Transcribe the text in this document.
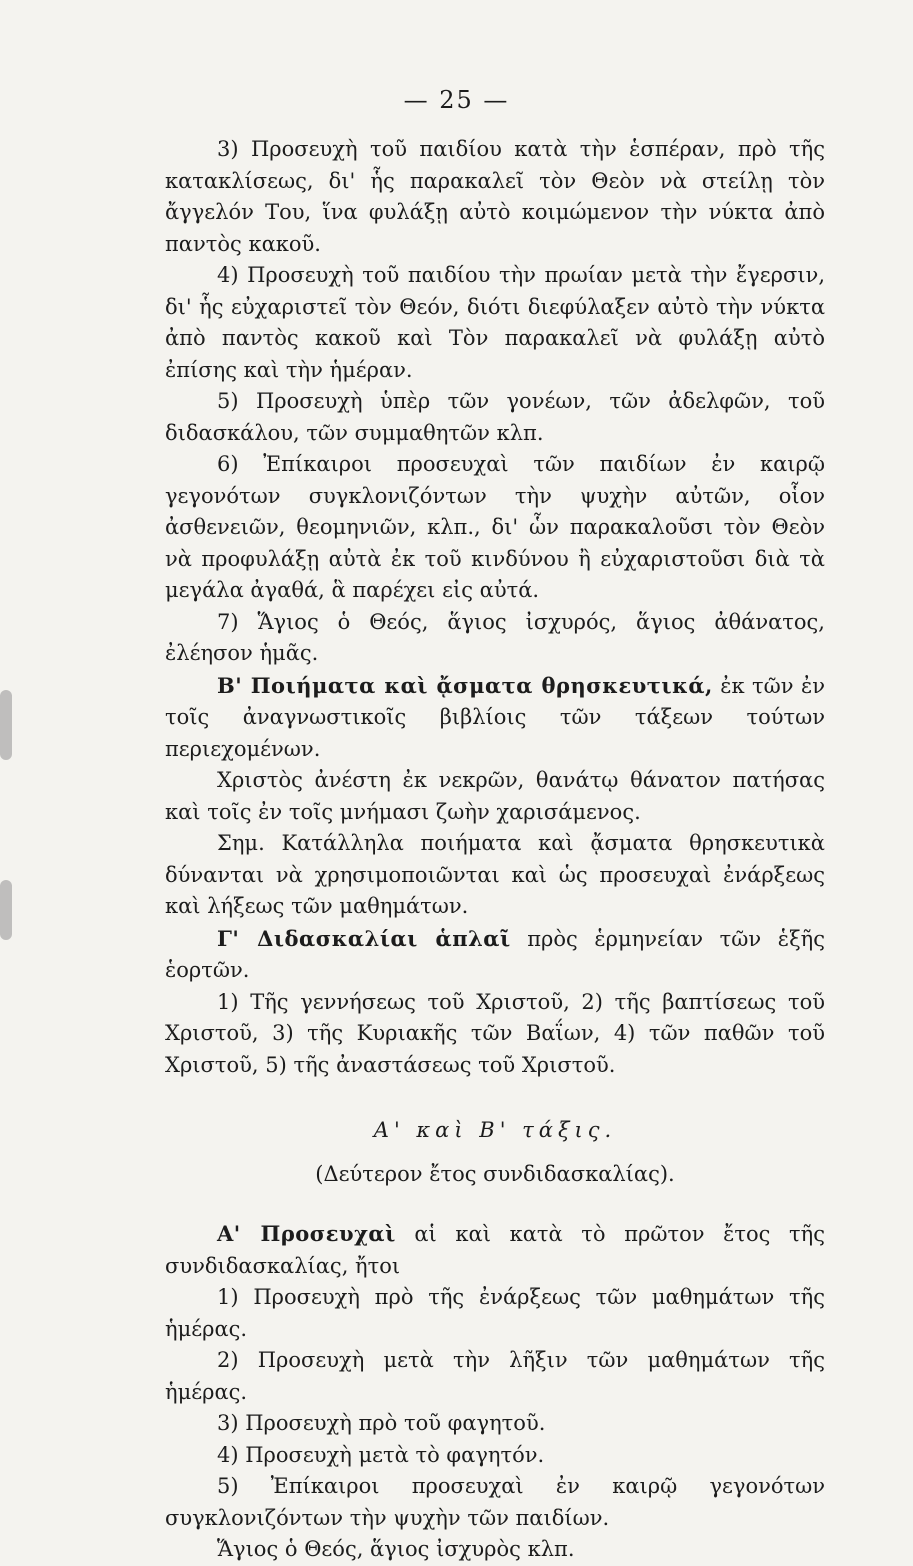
— 25 —

3) Προσευχὴ τοῦ παιδίου κατὰ τὴν ἑσπέραν, πρὸ τῆς κατακλίσεως, δι' ἧς παρακαλεῖ τὸν Θεὸν νὰ στείλῃ τὸν ἄγγελόν Του, ἵνα φυλάξῃ αὐτὸ κοιμώμενον τὴν νύκτα ἀπὸ παντὸς κακοῦ.

4) Προσευχὴ τοῦ παιδίου τὴν πρωίαν μετὰ τὴν ἔγερσιν, δι' ἧς εὐχαριστεῖ τὸν Θεόν, διότι διεφύλαξεν αὐτὸ τὴν νύκτα ἀπὸ παντὸς κακοῦ καὶ Τὸν παρακαλεῖ νὰ φυλάξῃ αὐτὸ ἐπίσης καὶ τὴν ἡμέραν.

5) Προσευχὴ ὑπὲρ τῶν γονέων, τῶν ἀδελφῶν, τοῦ διδασκάλου, τῶν συμμαθητῶν κλπ.

6) Ἐπίκαιροι προσευχαὶ τῶν παιδίων ἐν καιρῷ γεγονότων συγκλονιζόντων τὴν ψυχὴν αὐτῶν, οἷον ἀσθενειῶν, θεομηνιῶν, κλπ., δι' ὧν παρακαλοῦσι τὸν Θεὸν νὰ προφυλάξῃ αὐτὰ ἐκ τοῦ κινδύνου ἢ εὐχαριστοῦσι διὰ τὰ μεγάλα ἀγαθά, ἃ παρέχει εἰς αὐτά.

7) Ἅγιος ὁ Θεός, ἅγιος ἰσχυρός, ἅγιος ἀθάνατος, ἐλέησον ἡμᾶς.

Β' Ποιήματα καὶ ᾄσματα θρησκευτικά, ἐκ τῶν ἐν τοῖς ἀναγνωστικοῖς βιβλίοις τῶν τάξεων τούτων περιεχομένων.

Χριστὸς ἀνέστη ἐκ νεκρῶν, θανάτῳ θάνατον πατήσας καὶ τοῖς ἐν τοῖς μνήμασι ζωὴν χαρισάμενος.

Σημ. Κατάλληλα ποιήματα καὶ ᾄσματα θρησκευτικὰ δύνανται νὰ χρησιμοποιῶνται καὶ ὡς προσευχαὶ ἐνάρξεως καὶ λήξεως τῶν μαθημάτων.

Γ' Διδασκαλίαι ἁπλαῖ πρὸς ἑρμηνείαν τῶν ἑξῆς ἑορτῶν.

1) Τῆς γεννήσεως τοῦ Χριστοῦ, 2) τῆς βαπτίσεως τοῦ Χριστοῦ, 3) τῆς Κυριακῆς τῶν Βαΐων, 4) τῶν παθῶν τοῦ Χριστοῦ, 5) τῆς ἀναστάσεως τοῦ Χριστοῦ.

Α' καὶ Β' τάξις.

(Δεύτερον ἔτος συνδιδασκαλίας).

Α' Προσευχαὶ αἱ καὶ κατὰ τὸ πρῶτον ἔτος τῆς συνδιδασκαλίας, ἤτοι

1) Προσευχὴ πρὸ τῆς ἐνάρξεως τῶν μαθημάτων τῆς ἡμέρας.

2) Προσευχὴ μετὰ τὴν λῆξιν τῶν μαθημάτων τῆς ἡμέρας.

3) Προσευχὴ πρὸ τοῦ φαγητοῦ.

4) Προσευχὴ μετὰ τὸ φαγητόν.

5) Ἐπίκαιροι προσευχαὶ ἐν καιρῷ γεγονότων συγκλονιζόντων τὴν ψυχὴν τῶν παιδίων.

Ἅγιος ὁ Θεός, ἅγιος ἰσχυρὸς κλπ.
